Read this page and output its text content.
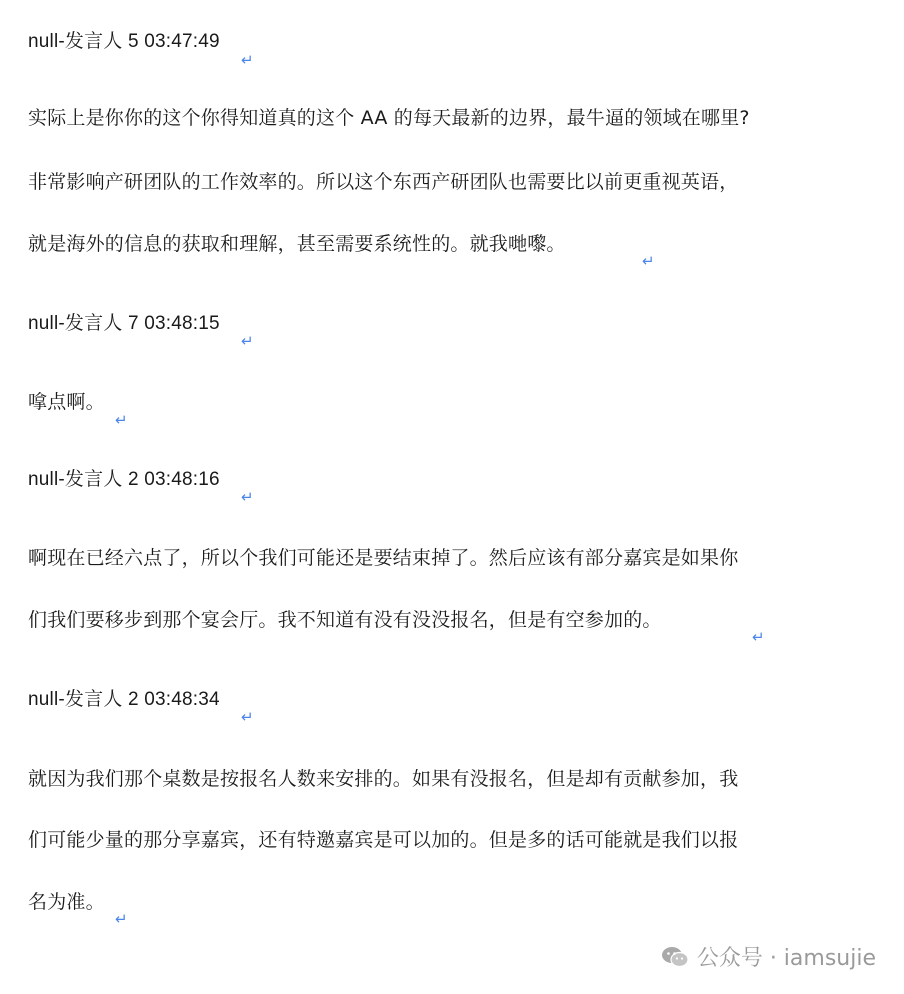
null-发言人 5 03:47:49
↵
实际上是你你的这个你得知道真的这个 AA 的每天最新的边界，最牛逼的领域在哪里?
非常影响产研团队的工作效率的。所以这个东西产研团队也需要比以前更重视英语，
就是海外的信息的获取和理解，甚至需要系统性的。就我哋嚟。
↵
null-发言人 7 03:48:15
↵
嗱点啊。
↵
null-发言人 2 03:48:16
↵
啊现在已经六点了，所以个我们可能还是要结束掉了。然后应该有部分嘉宾是如果你
们我们要移步到那个宴会厅。我不知道有没有没没报名，但是有空参加的。
↵
null-发言人 2 03:48:34
↵
就因为我们那个桌数是按报名人数来安排的。如果有没报名，但是却有贡献参加，我
们可能少量的那分享嘉宾，还有特邀嘉宾是可以加的。但是多的话可能就是我们以报
名为准。
↵
公众号 · iamsujie
